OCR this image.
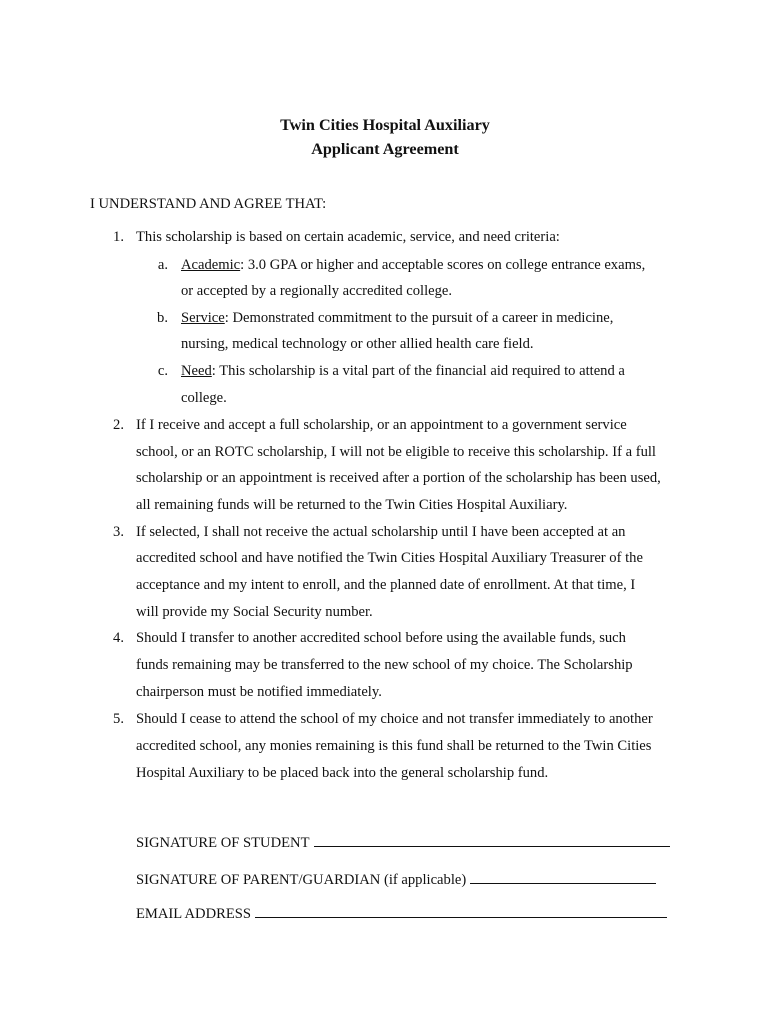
Twin Cities Hospital Auxiliary
Applicant Agreement
I UNDERSTAND AND AGREE THAT:
1. This scholarship is based on certain academic, service, and need criteria:
a. Academic: 3.0 GPA or higher and acceptable scores on college entrance exams,
or accepted by a regionally accredited college.
b. Service: Demonstrated commitment to the pursuit of a career in medicine,
nursing, medical technology or other allied health care field.
c. Need: This scholarship is a vital part of the financial aid required to attend a
college.
2. If I receive and accept a full scholarship, or an appointment to a government service
school, or an ROTC scholarship, I will not be eligible to receive this scholarship. If a full
scholarship or an appointment is received after a portion of the scholarship has been used,
all remaining funds will be returned to the Twin Cities Hospital Auxiliary.
3. If selected, I shall not receive the actual scholarship until I have been accepted at an
accredited school and have notified the Twin Cities Hospital Auxiliary Treasurer of the
acceptance and my intent to enroll, and the planned date of enrollment. At that time, I
will provide my Social Security number.
4. Should I transfer to another accredited school before using the available funds, such
funds remaining may be transferred to the new school of my choice. The Scholarship
chairperson must be notified immediately.
5. Should I cease to attend the school of my choice and not transfer immediately to another
accredited school, any monies remaining is this fund shall be returned to the Twin Cities
Hospital Auxiliary to be placed back into the general scholarship fund.
SIGNATURE OF STUDENT
SIGNATURE OF PARENT/GUARDIAN (if applicable)
EMAIL ADDRESS
